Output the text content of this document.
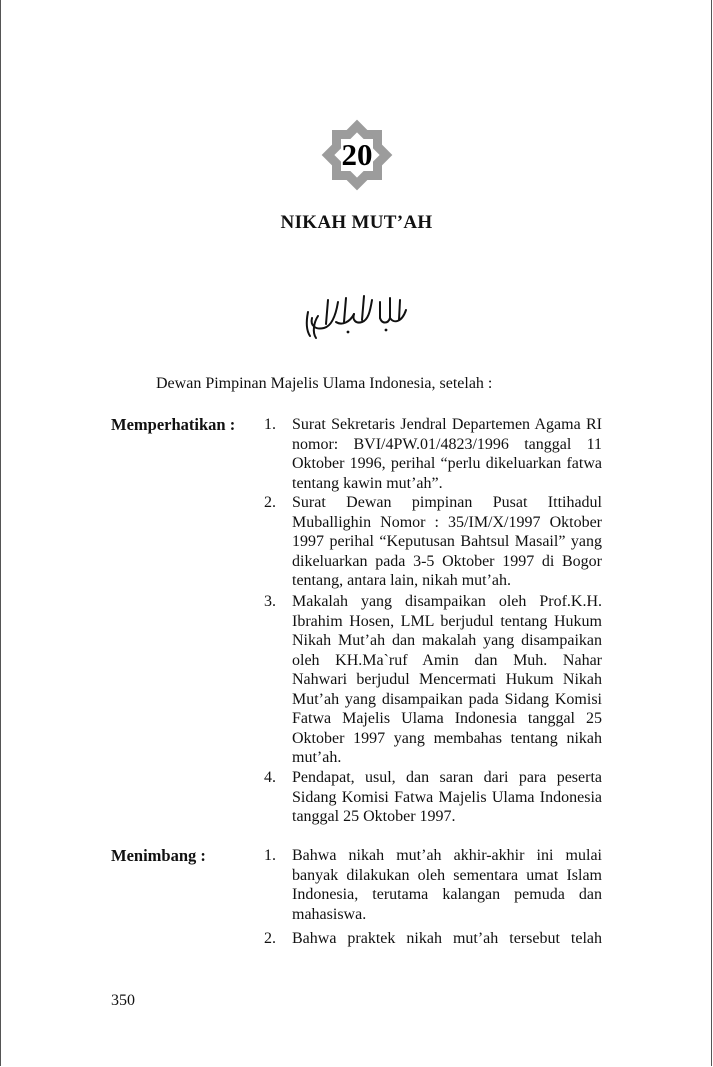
20
NIKAH MUT’AH
Dewan Pimpinan Majelis Ulama Indonesia, setelah :
Memperhatikan : 1.	Surat Sekretaris Jendral Departemen Agama RI nomor: BVI/4PW.01/4823/1996 tanggal 11 Oktober 1996, perihal “perlu dikeluarkan fatwa tentang kawin mut’ah”.
2.	Surat Dewan pimpinan Pusat Ittihadul Muballighin Nomor : 35/IM/X/1997 Oktober 1997 perihal “Keputusan Bahtsul Masail” yang dikeluarkan pada 3-5 Oktober 1997 di Bogor tentang, antara lain, nikah mut’ah.
3.	Makalah yang disampaikan oleh Prof.K.H. Ibrahim Hosen, LML berjudul tentang Hukum Nikah Mut’ah dan makalah yang disampaikan oleh KH.Ma`ruf Amin dan Muh. Nahar Nahwari berjudul Mencermati Hukum Nikah Mut’ah yang disampaikan pada Sidang Komisi Fatwa Majelis Ulama Indonesia tanggal 25 Oktober 1997 yang membahas tentang nikah mut’ah.
4.	Pendapat, usul, dan saran dari para peserta Sidang Komisi Fatwa Majelis Ulama Indonesia tanggal 25 Oktober 1997.
Menimbang :	1.	Bahwa nikah mut’ah akhir-akhir ini mulai banyak dilakukan oleh sementara umat Islam Indonesia, terutama kalangan pemuda dan mahasiswa.
2.	Bahwa praktek nikah mut’ah tersebut telah
350
